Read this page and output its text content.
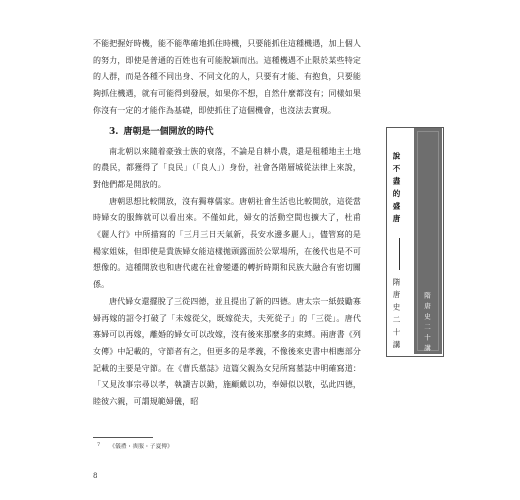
不能把握好時機，能不能準確地抓住時機，只要能抓住這種機遇，加上個人的努力，即使是普通的百姓也有可能脫穎而出。這種機遇不止限於某些特定的人群，而是各種不同出身、不同文化的人，只要有才能、有抱負，只要能夠抓住機遇，就有可能得到發展，如果你不想，自然什麼都沒有；同樣如果你沒有一定的才能作為基礎，即使抓住了這個機會，也沒法去實現。

3. 唐朝是一個開放的時代

南北朝以來隨着豪強士族的衰落，不論是自耕小農，還是租種地主土地的農民，都獲得了「良民」（「良人」）身份，社會各階層城從法律上來說，對他們都是開放的。

唐朝思想比較開放，沒有獨尊儒家。唐朝社會生活也比較開放，這從當時婦女的服飾就可以看出來。不僅如此，婦女的活動空間也擴大了，杜甫《麗人行》中所描寫的「三月三日天氣新，長安水邊多麗人」，儘管寫的是楊家姐妹，但即使是貴族婦女能這樣拋頭露面於公眾場所，在後代也是不可想像的。這種開放也和唐代處在社會變遷的轉折時期和民族大融合有密切關係。

唐代婦女還擺脫了三從四德，並且提出了新的四德。唐太宗一紙鼓勵寡婦再嫁的詔令打破了「未嫁從父，既嫁從夫，夫死從子」的「三從」。唐代寡婦可以再嫁，離婚的婦女可以改嫁，沒有後來那麼多的束縛。兩唐書《列女傳》中記載的，守節者有之，但更多的是孝義，不像後來史書中相應部分記載的主要是守節。在《曹氏墓誌》這篇父親為女兒所寫墓誌中明確寫道：「又見汝事宗尋以孝，執讀吉以勤，施顧戴以功，奉婦似以敬，弘此四德，睦彼六親，可謂規範婦儀，昭

7 《儀禮・喪服・子夏傳》
8
說不盡的盛唐
隋唐史二十講	隋唐史二十講
